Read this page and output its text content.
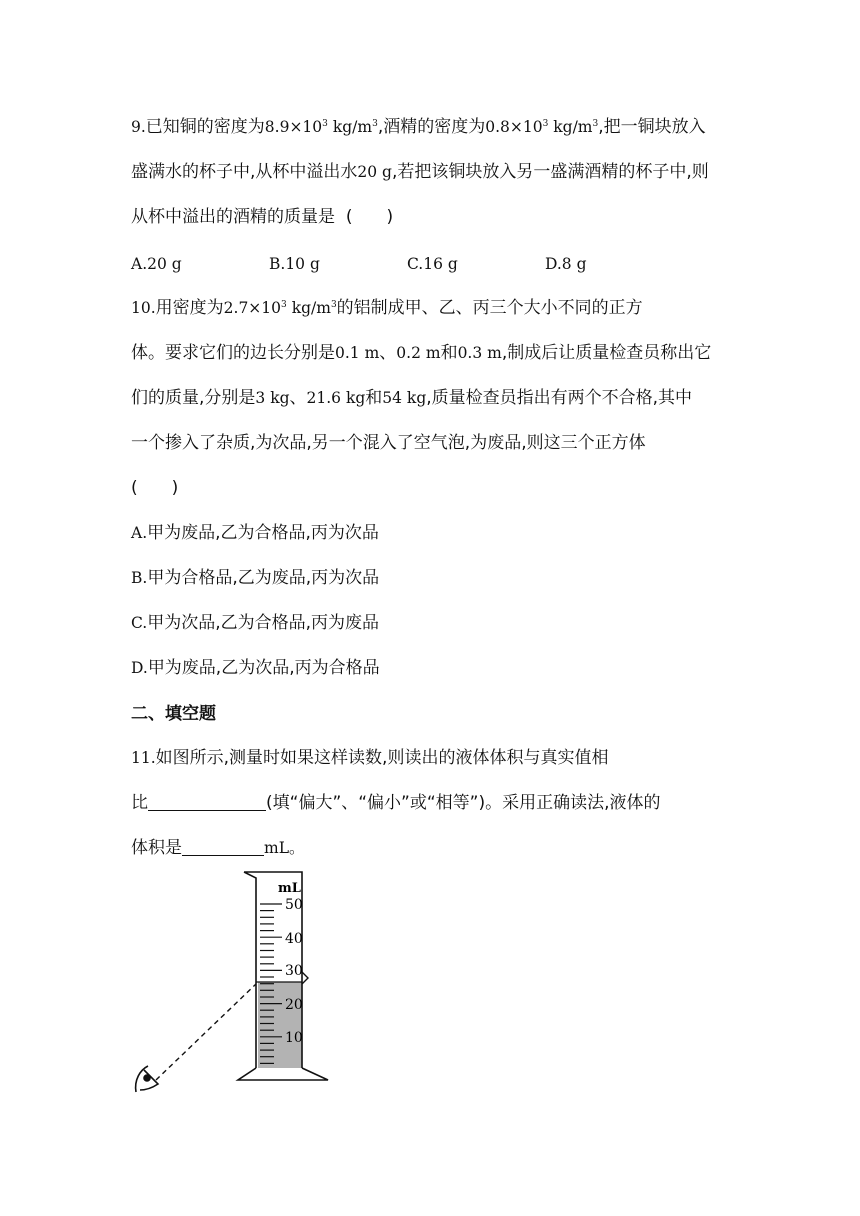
9.已知铜的密度为$8.9\times 10^3$ $kg/m^3$,酒精的密度为$0.8\times 10^3$ $kg/m^3$,把一铜块放入
盛满水的杯子中,从杯中溢出水20 g,若把该铜块放入另一盛满酒精的杯子中,则
从杯中溢出的酒精的质量是 (　　)
A.20 g	B.10 g	C.16 g	D.8 g
10.用密度为$2.7\times 10^3$ $kg/m^3$的铝制成甲、乙、丙三个大小不同的正方
体。要求它们的边长分别是0.1 m、0.2 m和0.3 m,制成后让质量检查员称出它
们的质量,分别是3 kg、21.6 kg和54 kg,质量检查员指出有两个不合格,其中
一个掺入了杂质,为次品,另一个混入了空气泡,为废品,则这三个正方体
(　　)
A.甲为废品,乙为合格品,丙为次品
B.甲为合格品,乙为废品,丙为次品
C.甲为次品,乙为合格品,丙为废品
D.甲为废品,乙为次品,丙为合格品
二、填空题
11.如图所示,测量时如果这样读数,则读出的液体体积与真实值相
比	(填“偏大”、“偏小”或“相等”)。采用正确读法,液体的
体积是	mL。
mL
50
40
30
20
10
